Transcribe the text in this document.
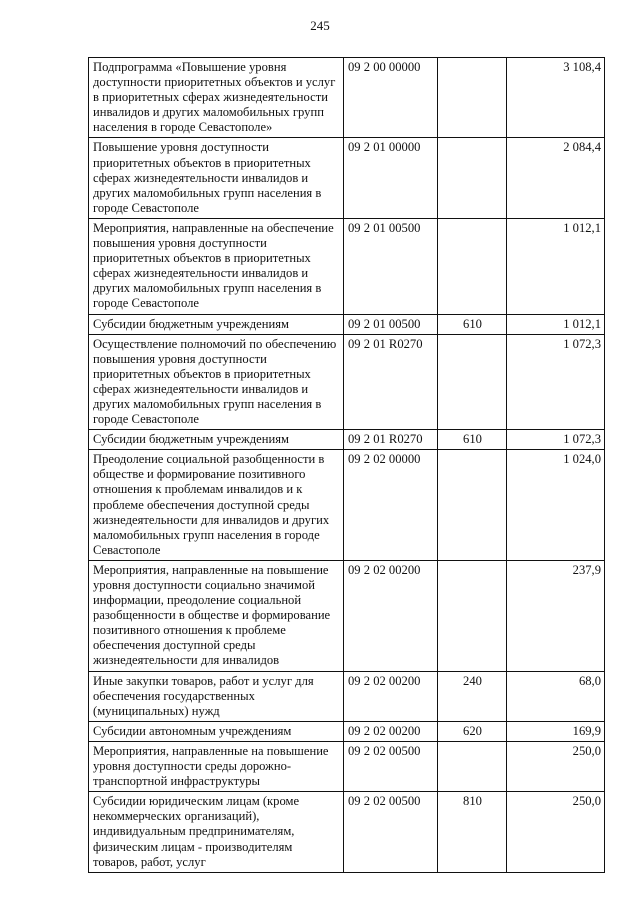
245
Подпрограмма «Повышение уровня доступности приоритетных объектов и услуг в приоритетных сферах жизнедеятельности инвалидов и других маломобильных групп населения в городе Севастополе»	09 2 00 00000		3 108,4
Повышение уровня доступности приоритетных объектов в приоритетных сферах жизнедеятельности инвалидов и других маломобильных групп населения в городе Севастополе	09 2 01 00000		2 084,4
Мероприятия, направленные на обеспечение повышения уровня доступности приоритетных объектов в приоритетных сферах жизнедеятельности инвалидов и других маломобильных групп населения в городе Севастополе	09 2 01 00500		1 012,1
Субсидии бюджетным учреждениям	09 2 01 00500	610	1 012,1
Осуществление полномочий по обеспечению повышения уровня доступности приоритетных объектов в приоритетных сферах жизнедеятельности инвалидов и других маломобильных групп населения в городе Севастополе	09 2 01 R0270		1 072,3
Субсидии бюджетным учреждениям	09 2 01 R0270	610	1 072,3
Преодоление социальной разобщенности в обществе и формирование позитивного отношения к проблемам инвалидов и к проблеме обеспечения доступной среды жизнедеятельности для инвалидов и других маломобильных групп населения в городе Севастополе	09 2 02 00000		1 024,0
Мероприятия, направленные на повышение уровня доступности социально значимой информации, преодоление социальной разобщенности в обществе и формирование позитивного отношения к проблеме обеспечения доступной среды жизнедеятельности для инвалидов	09 2 02 00200		237,9
Иные закупки товаров, работ и услуг для обеспечения государственных (муниципальных) нужд	09 2 02 00200	240	68,0
Субсидии автономным учреждениям	09 2 02 00200	620	169,9
Мероприятия, направленные на повышение уровня доступности среды дорожно-транспортной инфраструктуры	09 2 02 00500		250,0
Субсидии юридическим лицам (кроме некоммерческих организаций), индивидуальным предпринимателям, физическим лицам - производителям товаров, работ, услуг	09 2 02 00500	810	250,0
